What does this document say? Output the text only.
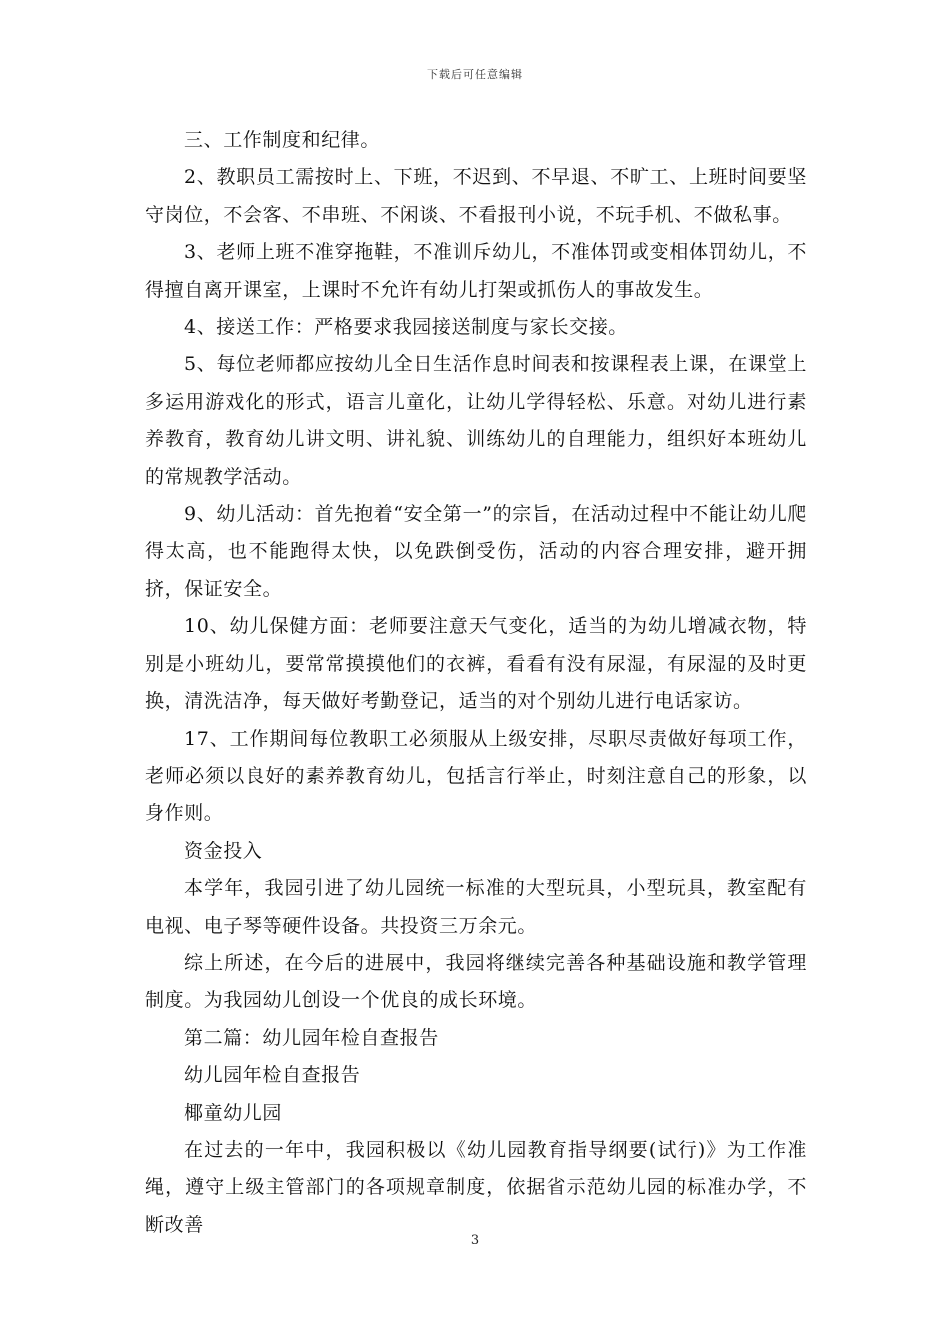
下载后可任意编辑

三、工作制度和纪律。

2、教职员工需按时上、下班，不迟到、不早退、不旷工、上班时间要坚守岗位，不会客、不串班、不闲谈、不看报刊小说，不玩手机、不做私事。

3、老师上班不准穿拖鞋，不准训斥幼儿，不准体罚或变相体罚幼儿，不得擅自离开课室，上课时不允许有幼儿打架或抓伤人的事故发生。

4、接送工作：严格要求我园接送制度与家长交接。

5、每位老师都应按幼儿全日生活作息时间表和按课程表上课，在课堂上多运用游戏化的形式，语言儿童化，让幼儿学得轻松、乐意。对幼儿进行素养教育，教育幼儿讲文明、讲礼貌、训练幼儿的自理能力，组织好本班幼儿的常规教学活动。

9、幼儿活动：首先抱着“安全第一”的宗旨，在活动过程中不能让幼儿爬得太高，也不能跑得太快，以免跌倒受伤，活动的内容合理安排，避开拥挤，保证安全。

10、幼儿保健方面：老师要注意天气变化，适当的为幼儿增减衣物，特别是小班幼儿，要常常摸摸他们的衣裤，看看有没有尿湿，有尿湿的及时更换，清洗洁净，每天做好考勤登记，适当的对个别幼儿进行电话家访。

17、工作期间每位教职工必须服从上级安排，尽职尽责做好每项工作，老师必须以良好的素养教育幼儿，包括言行举止，时刻注意自己的形象，以身作则。

资金投入

本学年，我园引进了幼儿园统一标准的大型玩具，小型玩具，教室配有电视、电子琴等硬件设备。共投资三万余元。

综上所述，在今后的进展中，我园将继续完善各种基础设施和教学管理制度。为我园幼儿创设一个优良的成长环境。

第二篇：幼儿园年检自查报告

幼儿园年检自查报告

椰童幼儿园

在过去的一年中，我园积极以《幼儿园教育指导纲要(试行)》为工作准绳，遵守上级主管部门的各项规章制度，依据省示范幼儿园的标准办学，不断改善

3
